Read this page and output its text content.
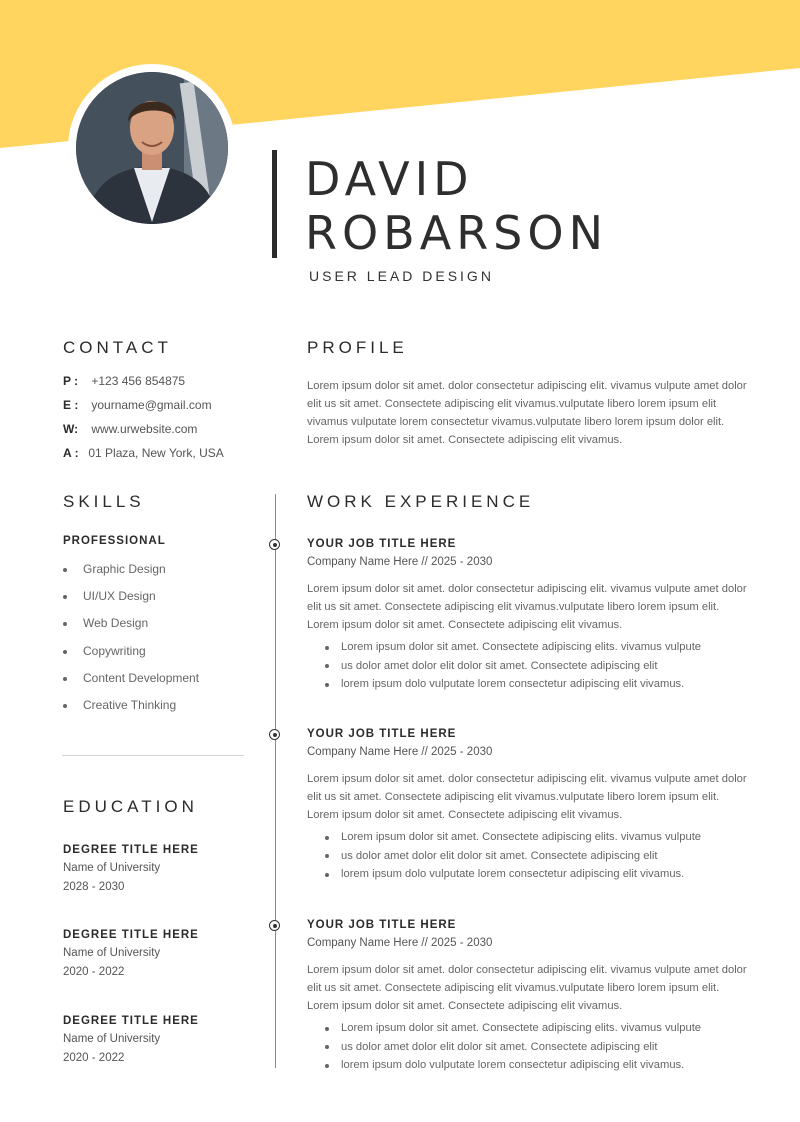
DAVID
ROBARSON
USER LEAD DESIGN
CONTACT
P : +123 456 854875
E : yourname@gmail.com
W: www.urwebsite.com
A : 01 Plaza, New York, USA
PROFILE

Lorem ipsum dolor sit amet. dolor consectetur adipiscing elit. vivamus vulpute amet dolor elit us sit amet. Consectete adipiscing elit vivamus.vulputate libero lorem ipsum elit vivamus vulputate lorem consectetur vivamus.vulputate libero lorem ipsum dolor elit. Lorem ipsum dolor sit amet. Consectete adipiscing elit vivamus.

SKILLS
PROFESSIONAL
Graphic Design
UI/UX Design
Web Design
Copywriting
Content Development
Creative Thinking
EDUCATION
DEGREE TITLE HERE
Name of University
2028 - 2030
DEGREE TITLE HERE
Name of University
2020 - 2022
DEGREE TITLE HERE
Name of University
2020 - 2022
WORK EXPERIENCE
YOUR JOB TITLE HERE
Company Name Here // 2025 - 2030

Lorem ipsum dolor sit amet. dolor consectetur adipiscing elit. vivamus vulpute amet dolor elit us sit amet. Consectete adipiscing elit vivamus.vulputate libero lorem ipsum elit. Lorem ipsum dolor sit amet. Consectete adipiscing elit vivamus.

Lorem ipsum dolor sit amet. Consectete adipiscing elits. vivamus vulpute
us dolor amet dolor elit dolor sit amet. Consectete adipiscing elit
lorem ipsum dolo vulputate lorem consectetur adipiscing elit vivamus.
YOUR JOB TITLE HERE
Company Name Here // 2025 - 2030

Lorem ipsum dolor sit amet. dolor consectetur adipiscing elit. vivamus vulpute amet dolor elit us sit amet. Consectete adipiscing elit vivamus.vulputate libero lorem ipsum elit. Lorem ipsum dolor sit amet. Consectete adipiscing elit vivamus.

Lorem ipsum dolor sit amet. Consectete adipiscing elits. vivamus vulpute
us dolor amet dolor elit dolor sit amet. Consectete adipiscing elit
lorem ipsum dolo vulputate lorem consectetur adipiscing elit vivamus.
YOUR JOB TITLE HERE
Company Name Here // 2025 - 2030

Lorem ipsum dolor sit amet. dolor consectetur adipiscing elit. vivamus vulpute amet dolor elit us sit amet. Consectete adipiscing elit vivamus.vulputate libero lorem ipsum elit. Lorem ipsum dolor sit amet. Consectete adipiscing elit vivamus.

Lorem ipsum dolor sit amet. Consectete adipiscing elits. vivamus vulpute
us dolor amet dolor elit dolor sit amet. Consectete adipiscing elit
lorem ipsum dolo vulputate lorem consectetur adipiscing elit vivamus.
